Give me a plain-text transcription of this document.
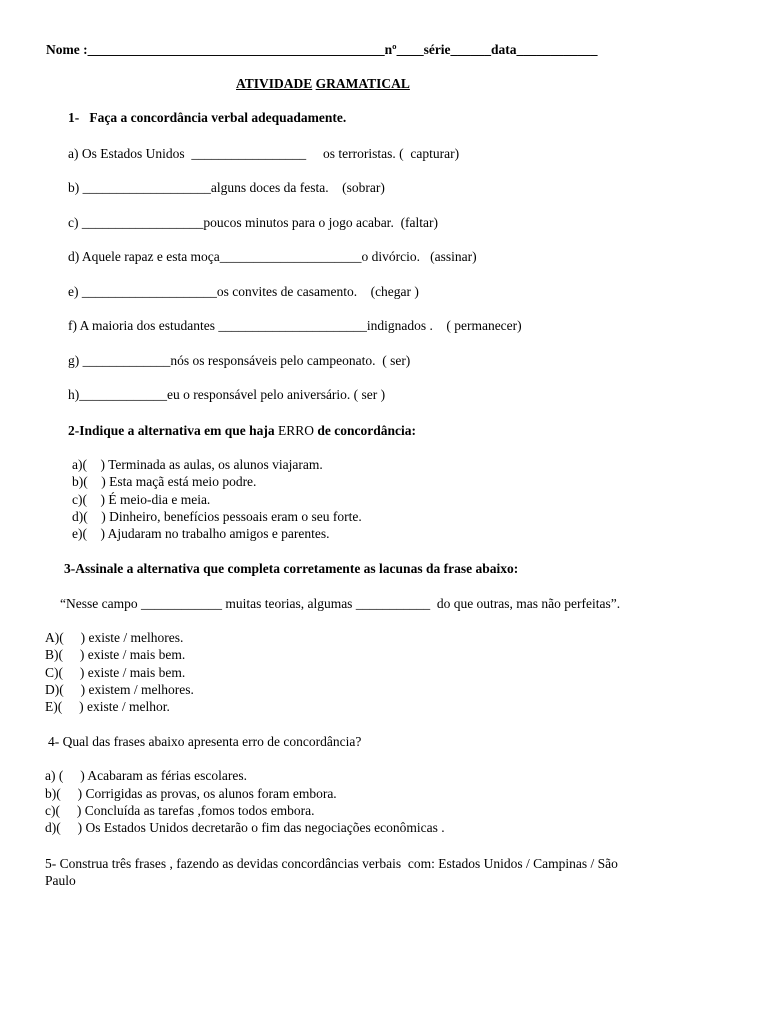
Nome :____________________________________________nº____série______data____________
ATIVIDADE GRAMATICAL
1-   Faça a concordância verbal adequadamente.
a) Os Estados Unidos  _________________     os terroristas. (  capturar)
b) ___________________alguns doces da festa.    (sobrar)
c) __________________poucos minutos para o jogo acabar.  (faltar)
d) Aquele rapaz e esta moça_____________________o divórcio.   (assinar)
e) ____________________os convites de casamento.    (chegar )
f) A maioria dos estudantes ______________________indignados .    ( permanecer)
g) _____________nós os responsáveis pelo campeonato.  ( ser)
h)_____________eu o responsável pelo aniversário. ( ser )
2-Indique a alternativa em que haja ERRO de concordância:
a)(    ) Terminada as aulas, os alunos viajaram.
b)(    ) Esta maçã está meio podre.
c)(    ) É meio-dia e meia.
d)(    ) Dinheiro, benefícios pessoais eram o seu forte.
e)(    ) Ajudaram no trabalho amigos e parentes.
3-Assinale a alternativa que completa corretamente as lacunas da frase abaixo:
“Nesse campo ____________ muitas teorias, algumas ___________  do que outras, mas não perfeitas”.
A)(     ) existe / melhores.
B)(     ) existe / mais bem.
C)(     ) existe / mais bem.
D)(     ) existem / melhores.
E)(     ) existe / melhor.
4- Qual das frases abaixo apresenta erro de concordância?
a) (     ) Acabaram as férias escolares.
b)(     ) Corrigidas as provas, os alunos foram embora.
c)(     ) Concluída as tarefas ,fomos todos embora.
d)(     ) Os Estados Unidos decretarão o fim das negociações econômicas .
5- Construa três frases , fazendo as devidas concordâncias verbais  com: Estados Unidos / Campinas / São
Paulo
